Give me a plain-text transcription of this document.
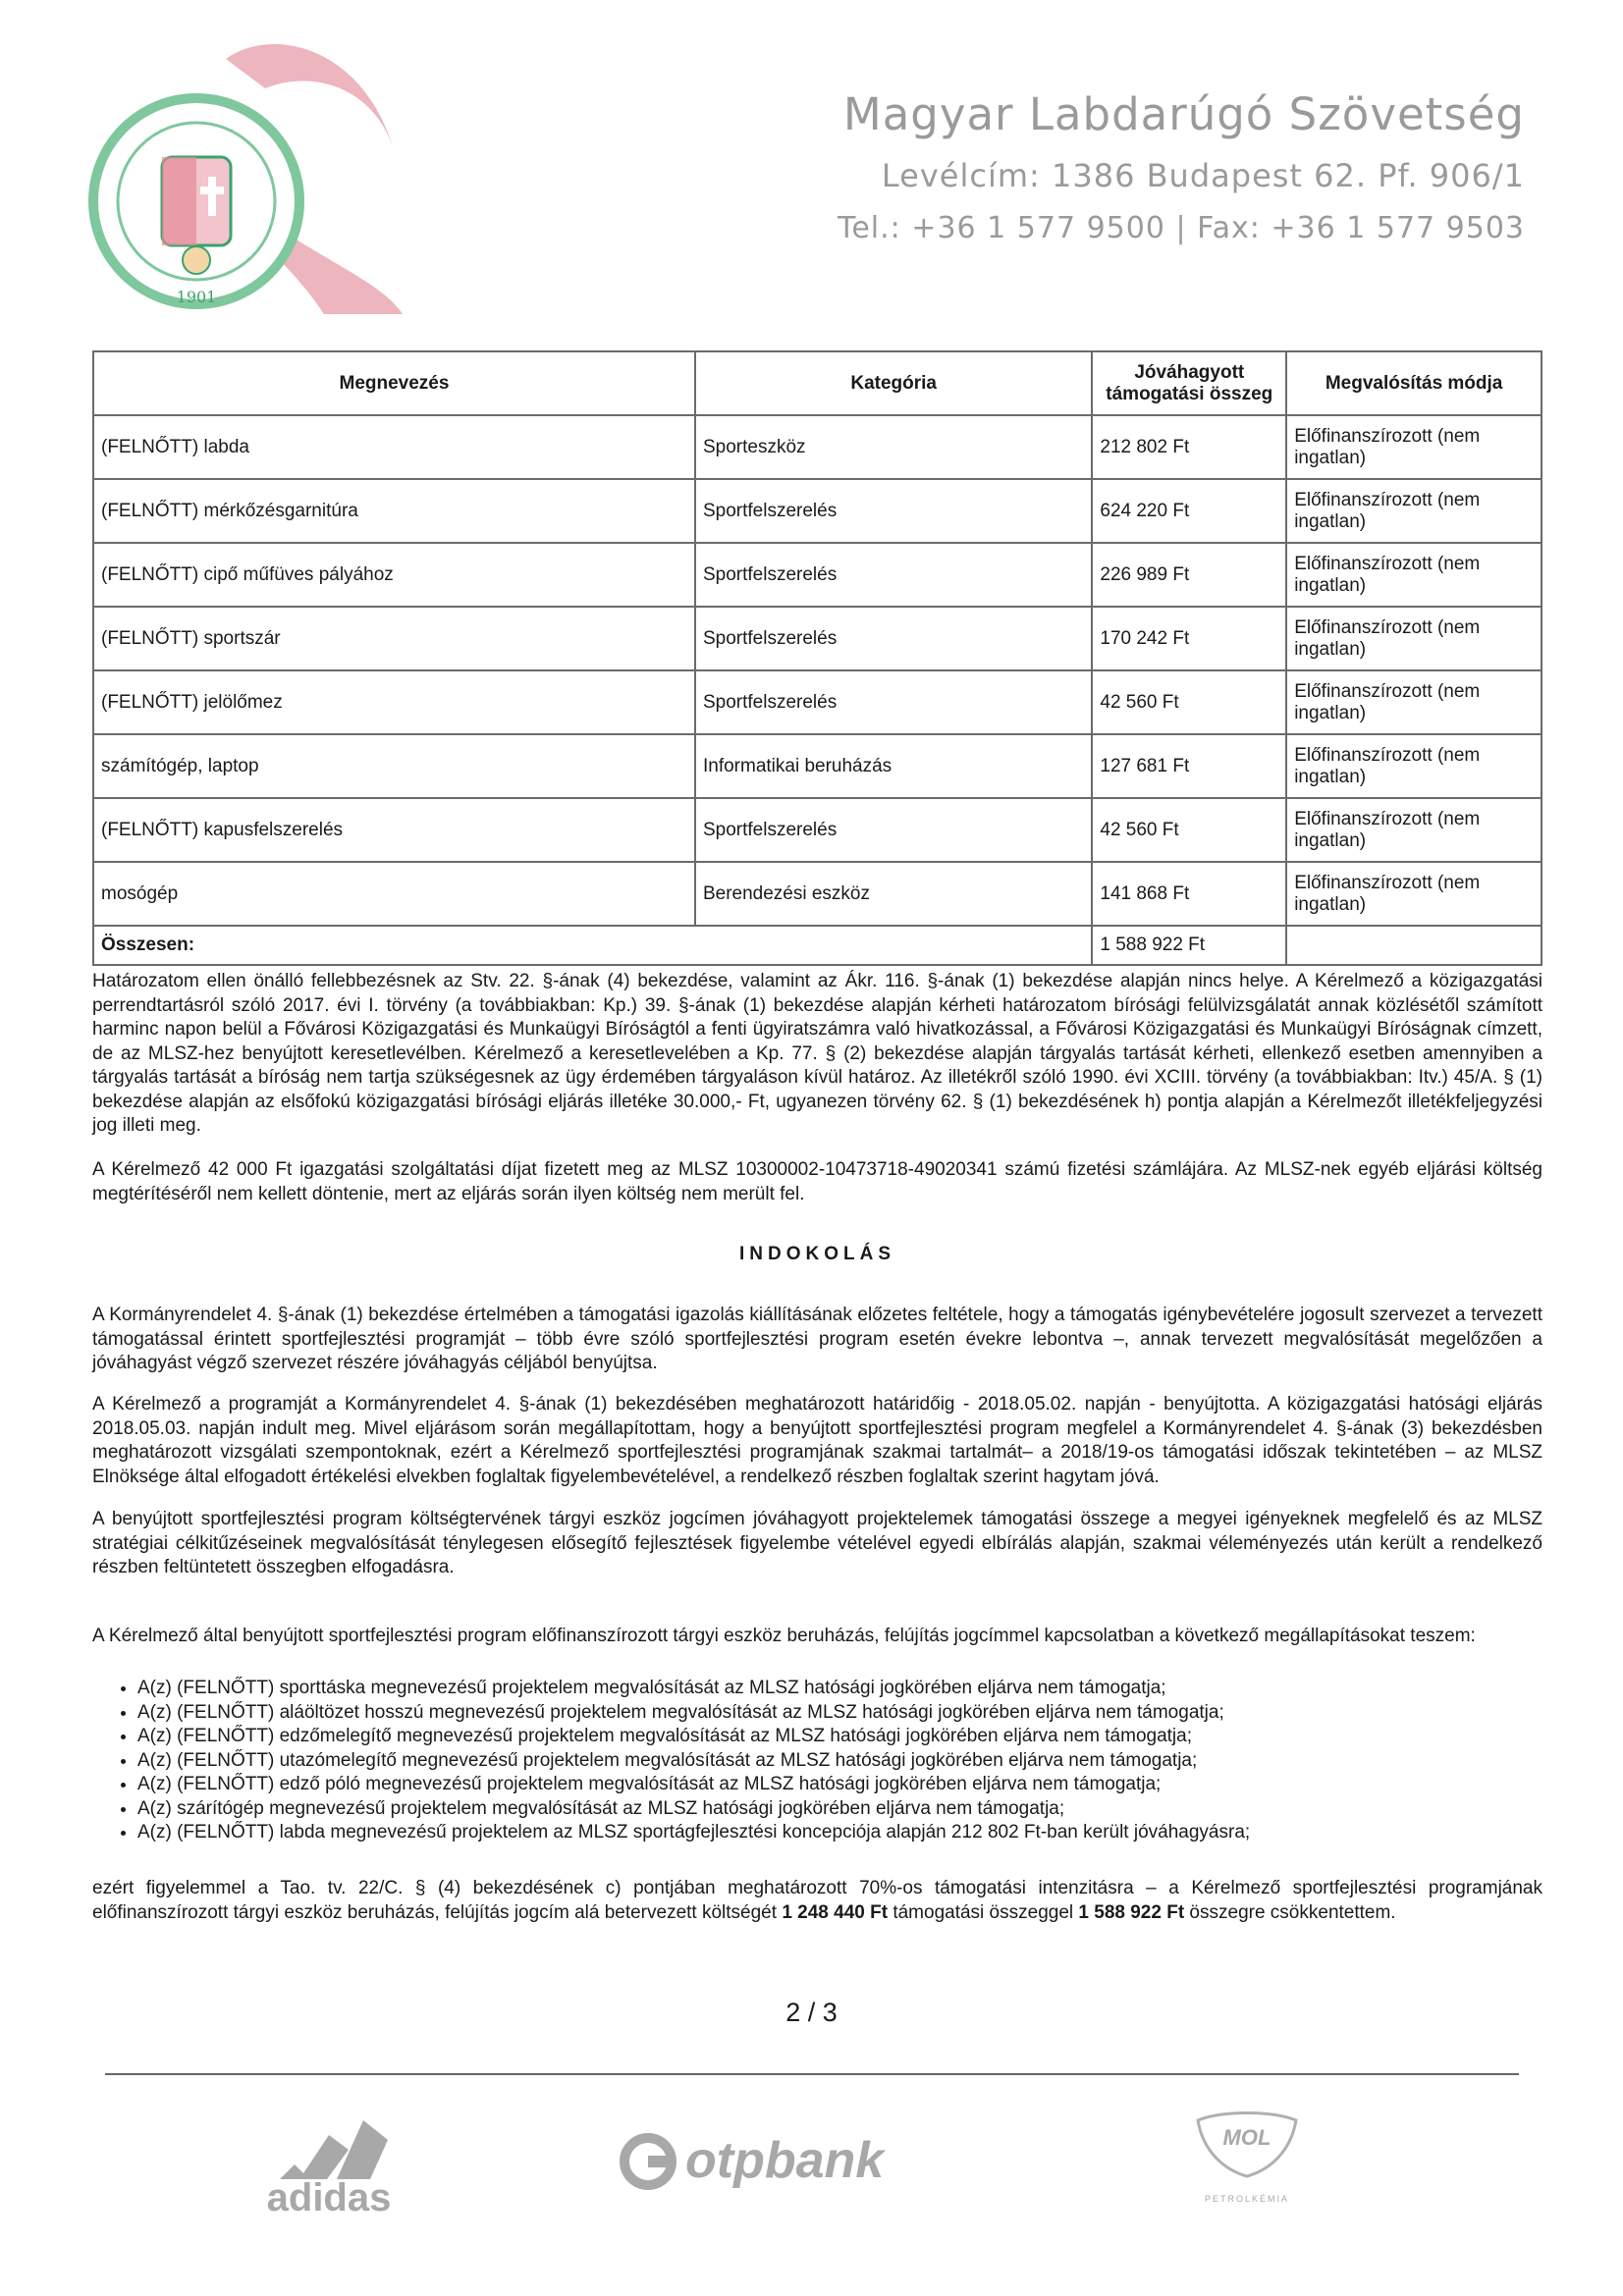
1901
Magyar Labdarúgó Szövetség
Levélcím: 1386 Budapest 62. Pf. 906/1
Tel.: +36 1 577 9500 | Fax: +36 1 577 9503
Megnevezés	Kategória	Jóváhagyott támogatási összeg	Megvalósítás módja
(FELNŐTT) labda	Sporteszköz	212 802 Ft	Előfinanszírozott (nem ingatlan)
(FELNŐTT) mérkőzésgarnitúra	Sportfelszerelés	624 220 Ft	Előfinanszírozott (nem ingatlan)
(FELNŐTT) cipő műfüves pályához	Sportfelszerelés	226 989 Ft	Előfinanszírozott (nem ingatlan)
(FELNŐTT) sportszár	Sportfelszerelés	170 242 Ft	Előfinanszírozott (nem ingatlan)
(FELNŐTT) jelölőmez	Sportfelszerelés	42 560 Ft	Előfinanszírozott (nem ingatlan)
számítógép, laptop	Informatikai beruházás	127 681 Ft	Előfinanszírozott (nem ingatlan)
(FELNŐTT) kapusfelszerelés	Sportfelszerelés	42 560 Ft	Előfinanszírozott (nem ingatlan)
mosógép	Berendezési eszköz	141 868 Ft	Előfinanszírozott (nem ingatlan)
Összesen:		1 588 922 Ft	

Határozatom ellen önálló fellebbezésnek az Stv. 22. §-ának (4) bekezdése, valamint az Ákr. 116. §-ának (1) bekezdése alapján nincs helye. A Kérelmező a közigazgatási perrendtartásról szóló 2017. évi I. törvény (a továbbiakban: Kp.) 39. §-ának (1) bekezdése alapján kérheti határozatom bírósági felülvizsgálatát annak közlésétől számított harminc napon belül a Fővárosi Közigazgatási és Munkaügyi Bíróságtól a fenti ügyiratszámra való hivatkozással, a Fővárosi Közigazgatási és Munkaügyi Bíróságnak címzett, de az MLSZ-hez benyújtott keresetlevélben. Kérelmező a keresetlevelében a Kp. 77. § (2) bekezdése alapján tárgyalás tartását kérheti, ellenkező esetben amennyiben a tárgyalás tartását a bíróság nem tartja szükségesnek az ügy érdemében tárgyaláson kívül határoz. Az illetékről szóló 1990. évi XCIII. törvény (a továbbiakban: Itv.) 45/A. § (1) bekezdése alapján az elsőfokú közigazgatási bírósági eljárás illetéke 30.000,- Ft, ugyanezen törvény 62. § (1) bekezdésének h) pontja alapján a Kérelmezőt illetékfeljegyzési jog illeti meg.

A Kérelmező 42 000 Ft igazgatási szolgáltatási díjat fizetett meg az MLSZ 10300002-10473718-49020341 számú fizetési számlájára. Az MLSZ-nek egyéb eljárási költség megtérítéséről nem kellett döntenie, mert az eljárás során ilyen költség nem merült fel.

INDOKOLÁS

A Kormányrendelet 4. §-ának (1) bekezdése értelmében a támogatási igazolás kiállításának előzetes feltétele, hogy a támogatás igénybevételére jogosult szervezet a tervezett támogatással érintett sportfejlesztési programját – több évre szóló sportfejlesztési program esetén évekre lebontva –, annak tervezett megvalósítását megelőzően a jóváhagyást végző szervezet részére jóváhagyás céljából benyújtsa.

A Kérelmező a programját a Kormányrendelet 4. §-ának (1) bekezdésében meghatározott határidőig - 2018.05.02. napján - benyújtotta. A közigazgatási hatósági eljárás 2018.05.03. napján indult meg. Mivel eljárásom során megállapítottam, hogy a benyújtott sportfejlesztési program megfelel a Kormányrendelet 4. §-ának (3) bekezdésben meghatározott vizsgálati szempontoknak, ezért a Kérelmező sportfejlesztési programjának szakmai tartalmát– a 2018/19-os támogatási időszak tekintetében – az MLSZ Elnöksége által elfogadott értékelési elvekben foglaltak figyelembevételével, a rendelkező részben foglaltak szerint hagytam jóvá.

A benyújtott sportfejlesztési program költségtervének tárgyi eszköz jogcímen jóváhagyott projektelemek támogatási összege a megyei igényeknek megfelelő és az MLSZ stratégiai célkitűzéseinek megvalósítását ténylegesen elősegítő fejlesztések figyelembe vételével egyedi elbírálás alapján, szakmai véleményezés után került a rendelkező részben feltüntetett összegben elfogadásra.

A Kérelmező által benyújtott sportfejlesztési program előfinanszírozott tárgyi eszköz beruházás, felújítás jogcímmel kapcsolatban a következő megállapításokat teszem:

• A(z) (FELNŐTT) sporttáska megnevezésű projektelem megvalósítását az MLSZ hatósági jogkörében eljárva nem támogatja;
• A(z) (FELNŐTT) aláöltözet hosszú megnevezésű projektelem megvalósítását az MLSZ hatósági jogkörében eljárva nem támogatja;
• A(z) (FELNŐTT) edzőmelegítő megnevezésű projektelem megvalósítását az MLSZ hatósági jogkörében eljárva nem támogatja;
• A(z) (FELNŐTT) utazómelegítő megnevezésű projektelem megvalósítását az MLSZ hatósági jogkörében eljárva nem támogatja;
• A(z) (FELNŐTT) edző póló megnevezésű projektelem megvalósítását az MLSZ hatósági jogkörében eljárva nem támogatja;
• A(z) szárítógép megnevezésű projektelem megvalósítását az MLSZ hatósági jogkörében eljárva nem támogatja;
• A(z) (FELNŐTT) labda megnevezésű projektelem az MLSZ sportágfejlesztési koncepciója alapján 212 802 Ft-ban került jóváhagyásra;

ezért figyelemmel a Tao. tv. 22/C. § (4) bekezdésének c) pontjában meghatározott 70%-os támogatási intenzitásra – a Kérelmező sportfejlesztési programjának előfinanszírozott tárgyi eszköz beruházás, felújítás jogcím alá betervezett költségét 1 248 440 Ft támogatási összeggel 1 588 922 Ft összegre csökkentettem.

2 / 3
adidas
otpbank	MOL
PETROLKÉMIA
